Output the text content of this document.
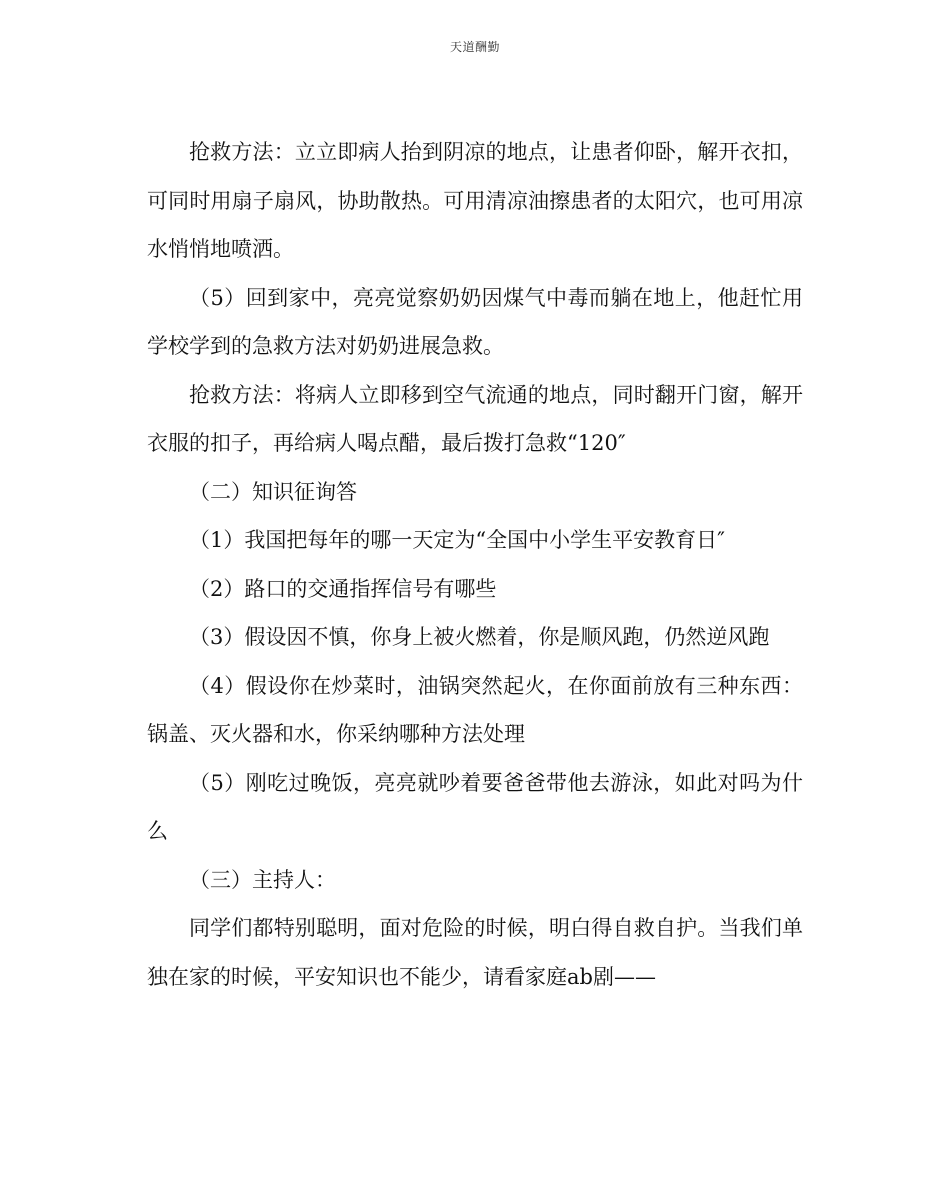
天道酬勤

抢救方法：立立即病人抬到阴凉的地点，让患者仰卧，解开衣扣，可同时用扇子扇风，协助散热。可用清凉油擦患者的太阳穴，也可用凉水悄悄地喷洒。

（5）回到家中，亮亮觉察奶奶因煤气中毒而躺在地上，他赶忙用学校学到的急救方法对奶奶进展急救。

抢救方法：将病人立即移到空气流通的地点，同时翻开门窗，解开衣服的扣子，再给病人喝点醋，最后拨打急救“120″

（二）知识征询答

（1）我国把每年的哪一天定为“全国中小学生平安教育日″

（2）路口的交通指挥信号有哪些

（3）假设因不慎，你身上被火燃着，你是顺风跑，仍然逆风跑

（4）假设你在炒菜时，油锅突然起火，在你面前放有三种东西：锅盖、灭火器和水，你采纳哪种方法处理

（5）刚吃过晚饭，亮亮就吵着要爸爸带他去游泳，如此对吗为什么

（三）主持人：

同学们都特别聪明，面对危险的时候，明白得自救自护。当我们单独在家的时候，平安知识也不能少，请看家庭ab剧——
